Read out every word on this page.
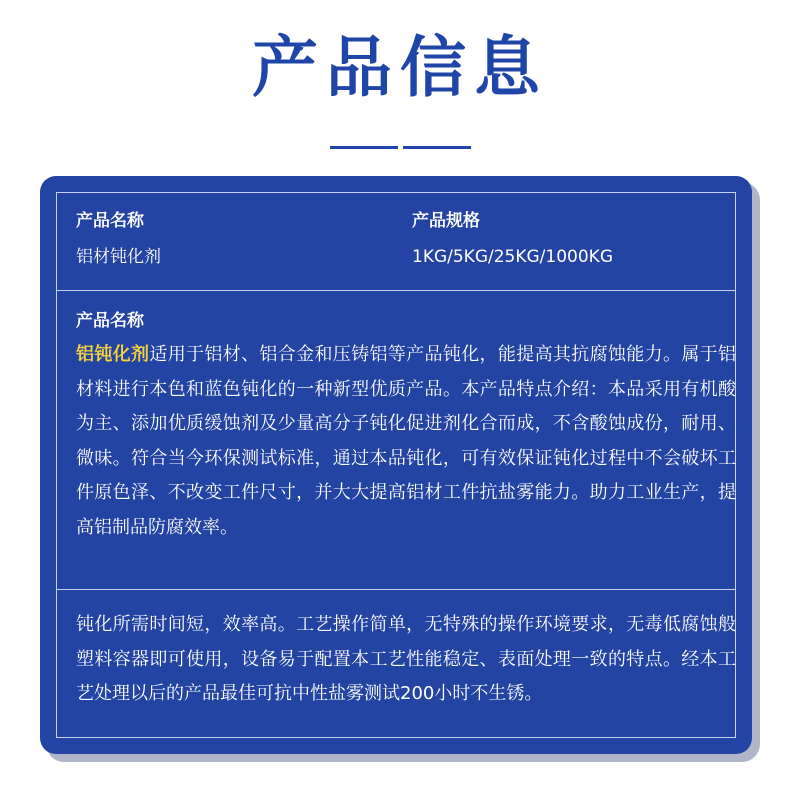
产品信息
产品名称
铝材钝化剂
产品规格
1KG/5KG/25KG/1000KG
产品名称
铝钝化剂适用于铝材、铝合金和压铸铝等产品钝化，能提高其抗腐蚀能力。属于铝材料进行本色和蓝色钝化的一种新型优质产品。本产品特点介绍：本品采用有机酸为主、添加优质缓蚀剂及少量高分子钝化促进剂化合而成，不含酸蚀成份，耐用、微味。符合当今环保测试标准，通过本品钝化，可有效保证钝化过程中不会破坏工件原色泽、不改变工件尺寸，并大大提高铝材工件抗盐雾能力。助力工业生产，提高铝制品防腐效率。
钝化所需时间短，效率高。工艺操作简单，无特殊的操作环境要求，无毒低腐蚀般塑料容器即可使用，设备易于配置本工艺性能稳定、表面处理一致的特点。经本工艺处理以后的产品最佳可抗中性盐雾测试200小时不生锈。
